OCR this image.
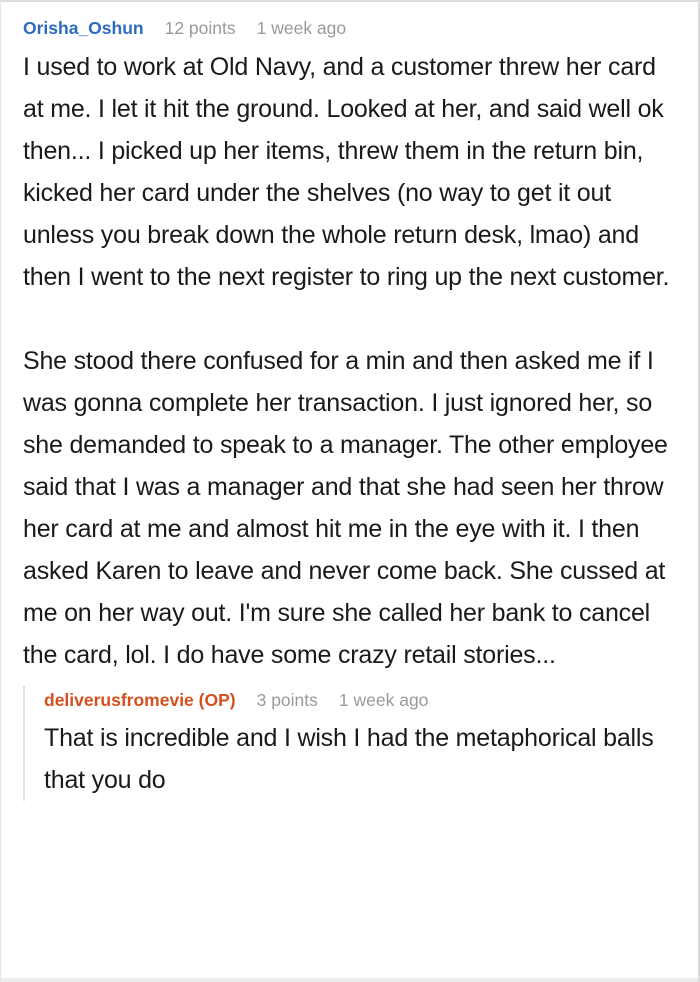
Orisha_Oshun 12 points 1 week ago

I used to work at Old Navy, and a customer threw her card at me. I let it hit the ground. Looked at her, and said well ok then... I picked up her items, threw them in the return bin, kicked her card under the shelves (no way to get it out unless you break down the whole return desk, lmao) and then I went to the next register to ring up the next customer.

She stood there confused for a min and then asked me if I was gonna complete her transaction. I just ignored her, so she demanded to speak to a manager. The other employee said that I was a manager and that she had seen her throw her card at me and almost hit me in the eye with it. I then asked Karen to leave and never come back. She cussed at me on her way out. I'm sure she called her bank to cancel the card, lol. I do have some crazy retail stories...

deliverusfromevie (OP) 3 points 1 week ago

That is incredible and I wish I had the metaphorical balls that you do
